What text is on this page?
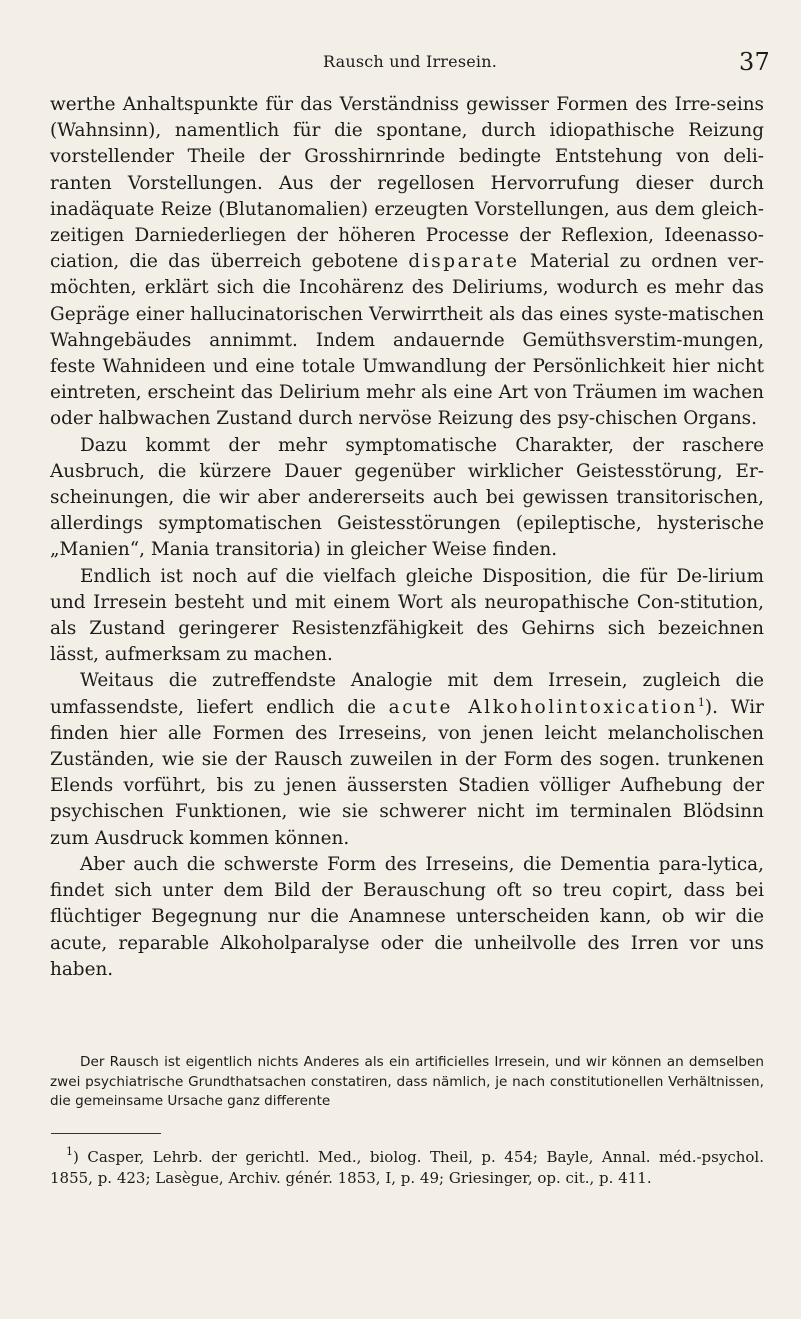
Rausch und Irresein.	37

werthe Anhaltspunkte für das Verständniss gewisser Formen des Irre-seins (Wahnsinn), namentlich für die spontane, durch idiopathische Reizung vorstellender Theile der Grosshirnrinde bedingte Entstehung von deli-ranten Vorstellungen. Aus der regellosen Hervorrufung dieser durch inadäquate Reize (Blutanomalien) erzeugten Vorstellungen, aus dem gleich-zeitigen Darniederliegen der höheren Processe der Reflexion, Ideenasso-ciation, die das überreich gebotene disparate Material zu ordnen ver-möchten, erklärt sich die Incohärenz des Deliriums, wodurch es mehr das Gepräge einer hallucinatorischen Verwirrtheit als das eines syste-matischen Wahngebäudes annimmt. Indem andauernde Gemüthsverstim-mungen, feste Wahnideen und eine totale Umwandlung der Persönlichkeit hier nicht eintreten, erscheint das Delirium mehr als eine Art von Träumen im wachen oder halbwachen Zustand durch nervöse Reizung des psy-chischen Organs.

Dazu kommt der mehr symptomatische Charakter, der raschere Ausbruch, die kürzere Dauer gegenüber wirklicher Geistesstörung, Er-scheinungen, die wir aber andererseits auch bei gewissen transitorischen, allerdings symptomatischen Geistesstörungen (epileptische, hysterische „Manien“, Mania transitoria) in gleicher Weise finden.

Endlich ist noch auf die vielfach gleiche Disposition, die für De-lirium und Irresein besteht und mit einem Wort als neuropathische Con-stitution, als Zustand geringerer Resistenzfähigkeit des Gehirns sich bezeichnen lässt, aufmerksam zu machen.

Weitaus die zutreffendste Analogie mit dem Irresein, zugleich die umfassendste, liefert endlich die acute Alkoholintoxication$^1$). Wir finden hier alle Formen des Irreseins, von jenen leicht melancholischen Zuständen, wie sie der Rausch zuweilen in der Form des sogen. trunkenen Elends vorführt, bis zu jenen äussersten Stadien völliger Aufhebung der psychischen Funktionen, wie sie schwerer nicht im terminalen Blödsinn zum Ausdruck kommen können.

Aber auch die schwerste Form des Irreseins, die Dementia para-lytica, findet sich unter dem Bild der Berauschung oft so treu copirt, dass bei flüchtiger Begegnung nur die Anamnese unterscheiden kann, ob wir die acute, reparable Alkoholparalyse oder die unheilvolle des Irren vor uns haben.

Der Rausch ist eigentlich nichts Anderes als ein artificielles Irresein, und wir können an demselben zwei psychiatrische Grundthatsachen constatiren, dass nämlich, je nach constitutionellen Verhältnissen, die gemeinsame Ursache ganz differente

$^1$) Casper, Lehrb. der gerichtl. Med., biolog. Theil, p. 454; Bayle, Annal. méd.-psychol. 1855, p. 423; Lasègue, Archiv. génér. 1853, I, p. 49; Griesinger, op. cit., p. 411.
